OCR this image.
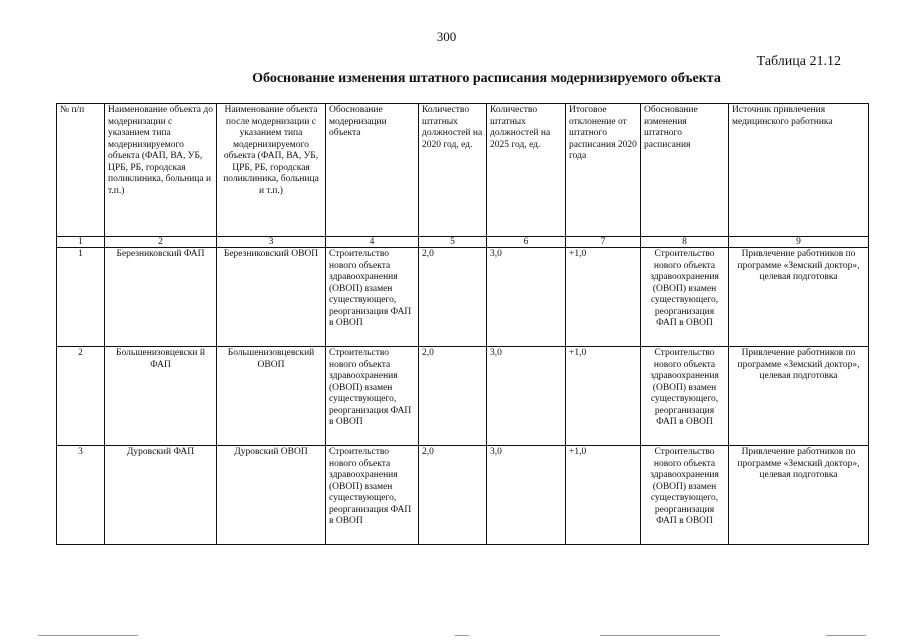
300
Таблица 21.12
Обоснование изменения штатного расписания модернизируемого объекта
№ п/п	Наименование объекта до модернизации с указанием типа модернизируемого объекта (ФАП, ВА, УБ, ЦРБ, РБ, городская поликлиника, больница и т.п.)	Наименование объекта после модернизации с указанием типа модернизируемого объекта (ФАП, ВА, УБ, ЦРБ, РБ, городская поликлиника, больница и т.п.)	Обоснование модернизации объекта	Количество штатных должностей на 2020 год, ед.	Количество штатных должностей на 2025 год, ед.	Итоговое отклонение от штатного расписания 2020 года	Обоснование изменения штатного расписания	Источник привлечения медицинского работника
1	2	3	4	5	6	7	8	9
1	Березниковский ФАП	Березниковский ОВОП	Строительство нового объекта здравоохранения (ОВОП) взамен существующего, реорганизация ФАП в ОВОП	2,0	3,0	+1,0	Строительство нового объекта здравоохранения (ОВОП) взамен существующего, реорганизация ФАП в ОВОП	Привлечение работников по программе «Земский доктор», целевая подготовка
2	Большенизовцевски й ФАП	Большенизовцевский ОВОП	Строительство нового объекта здравоохранения (ОВОП) взамен существующего, реорганизация ФАП в ОВОП	2,0	3,0	+1,0	Строительство нового объекта здравоохранения (ОВОП) взамен существующего, реорганизация ФАП в ОВОП	Привлечение работников по программе «Земский доктор», целевая подготовка
3	Дуровский ФАП	Дуровский ОВОП	Строительство нового объекта здравоохранения (ОВОП) взамен существующего, реорганизация ФАП в ОВОП	2,0	3,0	+1,0	Строительство нового объекта здравоохранения (ОВОП) взамен существующего, реорганизация ФАП в ОВОП	Привлечение работников по программе «Земский доктор», целевая подготовка
